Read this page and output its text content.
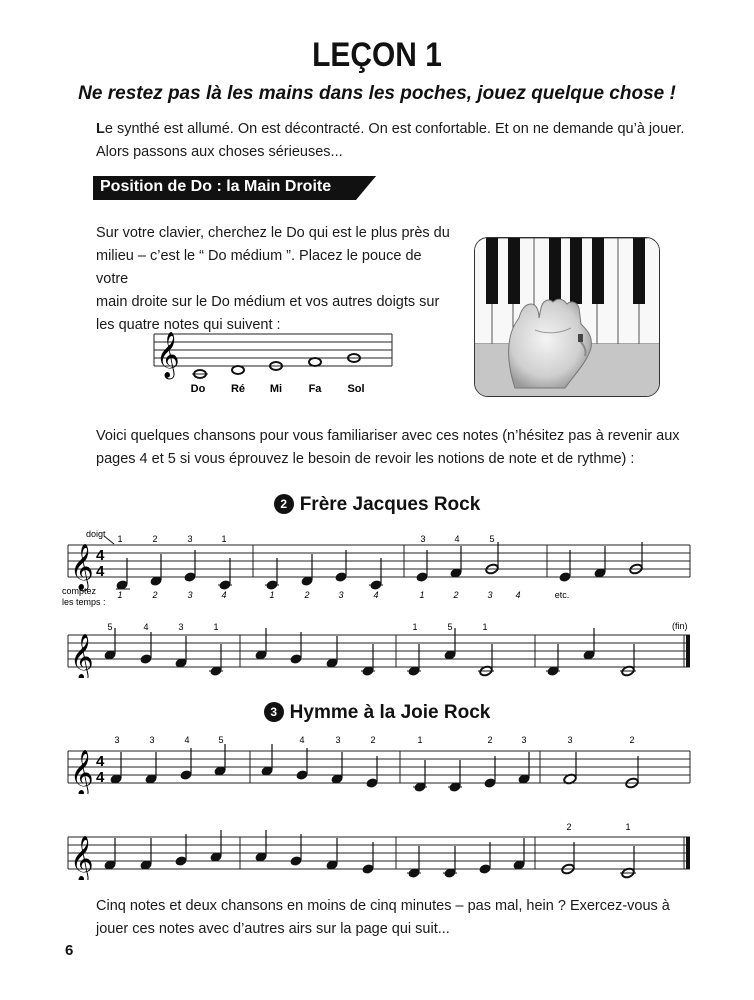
LEÇON 1
Ne restez pas là les mains dans les poches, jouez quelque chose !
Le synthé est allumé. On est décontracté. On est confortable. Et on ne demande qu’à jouer.
Alors passons aux choses sérieuses...
Position de Do : la Main Droite
Sur votre clavier, cherchez le Do qui est le plus près du
milieu – c’est le “ Do médium ”. Placez le pouce de votre
main droite sur le Do médium et vos autres doigts sur
les quatre notes qui suivent :
𝄞
Do Ré Mi Fa Sol
Voici quelques chansons pour vous familiariser avec ces notes (n’hésitez pas à revenir aux
pages 4 et 5 si vous éprouvez le besoin de revoir les notions de note et de rythme) :
2 Frère Jacques Rock
doigt
𝄞 4
4
1	2	3	1	3	4	5
comptez
les temps :
1	2	3	4	1	2	3	4	1	2	3	4	etc.
𝄞
(fin)
5	4	3	1	1	5	1
3 Hymme à la Joie Rock
𝄞 4
4
3	3	4	5	4	3	2	1	2	3	3	2
𝄞
2	1
Cinq notes et deux chansons en moins de cinq minutes – pas mal, hein ? Exercez-vous à
jouer ces notes avec d’autres airs sur la page qui suit...
6
